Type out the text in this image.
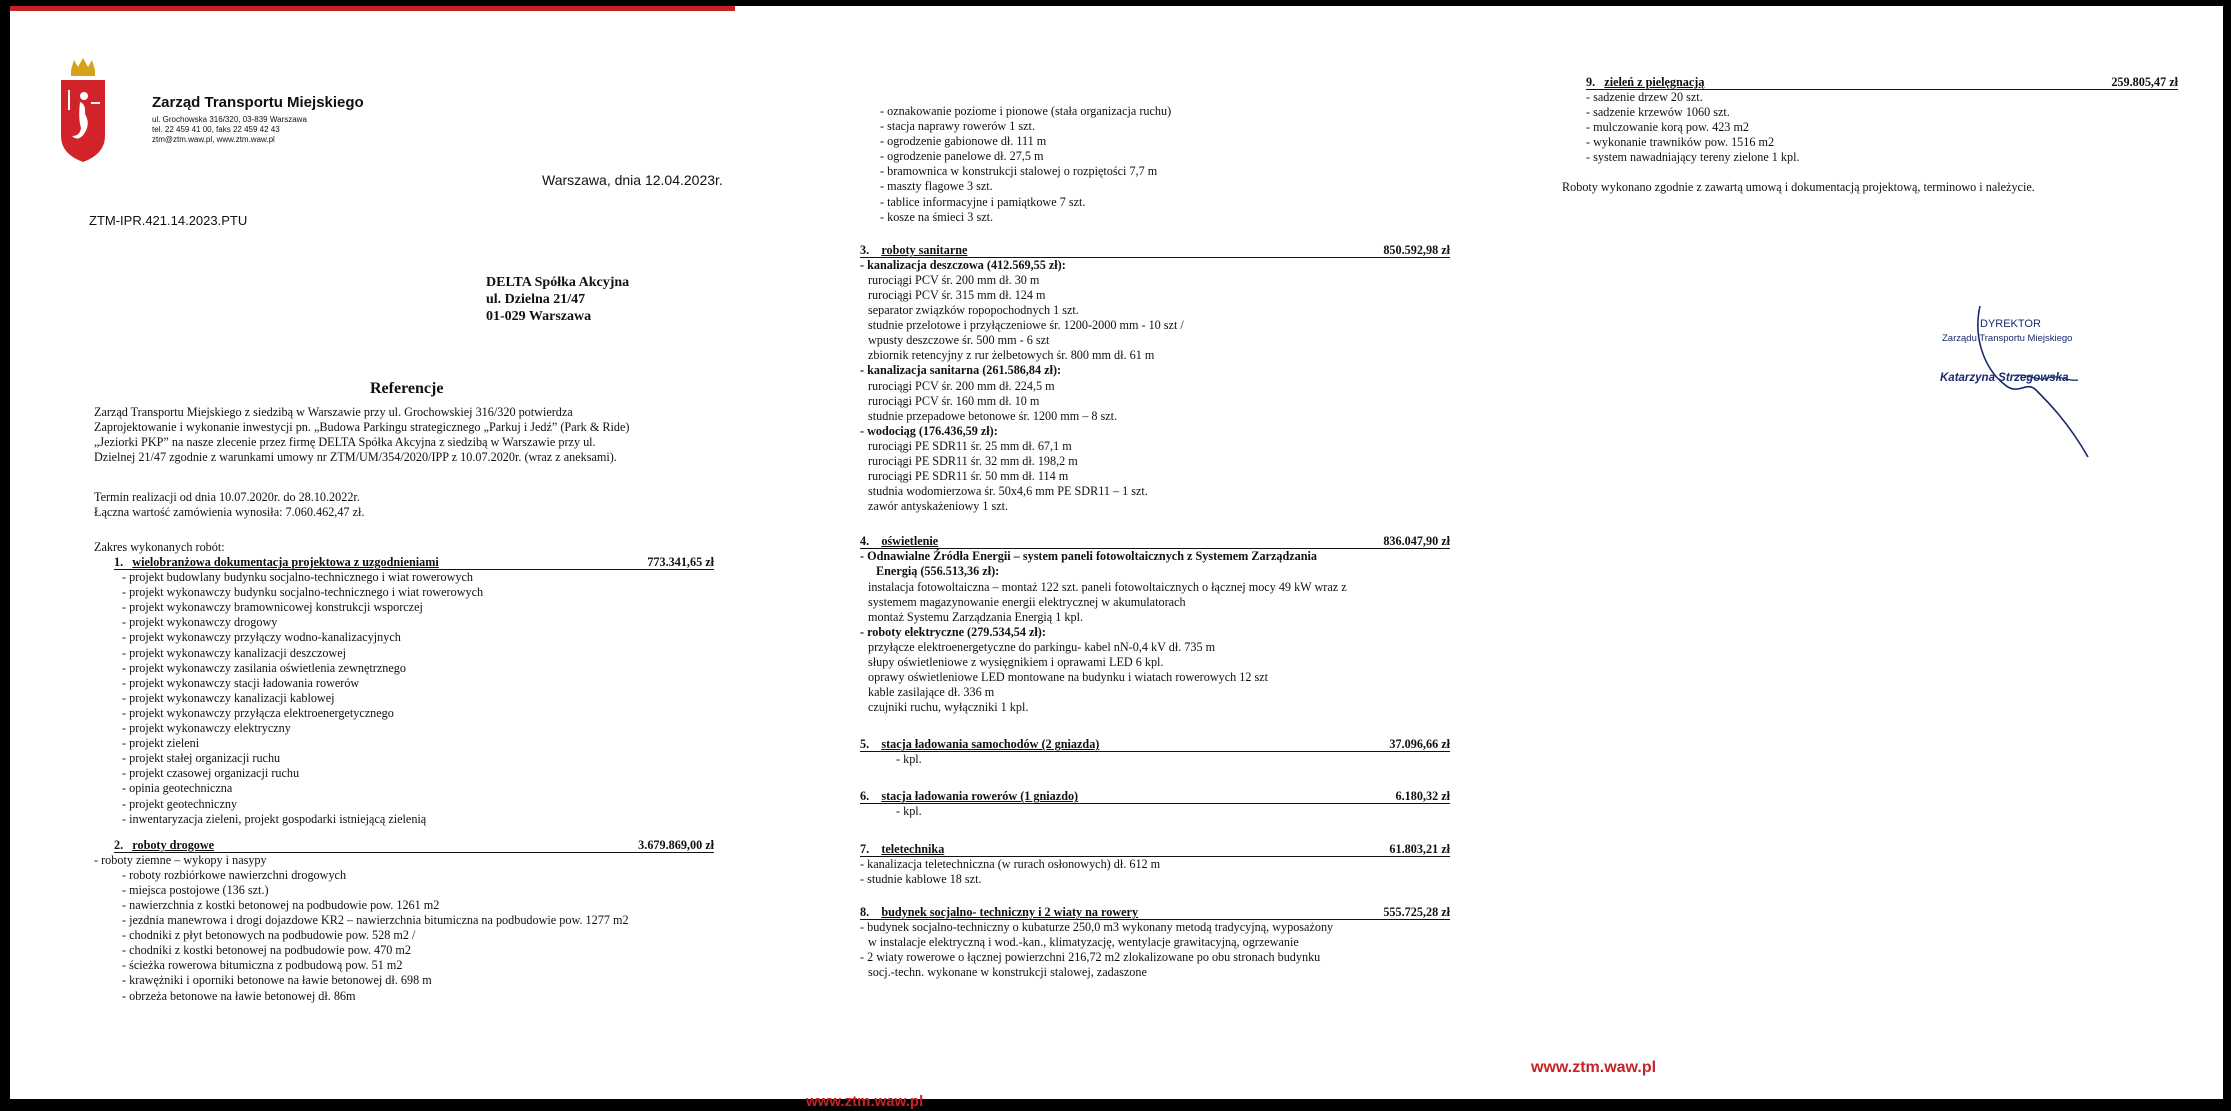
Zarząd Transportu Miejskiego
ul. Grochowska 316/320, 03-839 Warszawa
tel. 22 459 41 00, faks 22 459 42 43
ztm@ztm.waw.pl, www.ztm.waw.pl
Warszawa, dnia 12.04.2023r.
ZTM-IPR.421.14.2023.PTU
DELTA Spółka Akcyjna
ul. Dzielna 21/47
01-029 Warszawa
Referencje
Zarząd Transportu Miejskiego z siedzibą w Warszawie przy ul. Grochowskiej 316/320 potwierdza
Zaprojektowanie i wykonanie inwestycji pn. „Budowa Parkingu strategicznego „Parkuj i Jedź” (Park & Ride)
„Jeziorki PKP” na nasze zlecenie przez firmę DELTA Spółka Akcyjna z siedzibą w Warszawie przy ul.
Dzielnej 21/47 zgodnie z warunkami umowy nr ZTM/UM/354/2020/IPP z 10.07.2020r. (wraz z aneksami).
Termin realizacji od dnia 10.07.2020r. do 28.10.2022r.
Łączna wartość zamówienia wynosiła: 7.060.462,47 zł.
Zakres wykonanych robót:
1. wielobranżowa dokumentacja projektowa z uzgodnieniami	773.341,65 zł
- projekt budowlany budynku socjalno-technicznego i wiat rowerowych
- projekt wykonawczy budynku socjalno-technicznego i wiat rowerowych
- projekt wykonawczy bramownicowej konstrukcji wsporczej
- projekt wykonawczy drogowy
- projekt wykonawczy przyłączy wodno-kanalizacyjnych
- projekt wykonawczy kanalizacji deszczowej
- projekt wykonawczy zasilania oświetlenia zewnętrznego
- projekt wykonawczy stacji ładowania rowerów
- projekt wykonawczy kanalizacji kablowej
- projekt wykonawczy przyłącza elektroenergetycznego
- projekt wykonawczy elektryczny
- projekt zieleni
- projekt stałej organizacji ruchu
- projekt czasowej organizacji ruchu
- opinia geotechniczna
- projekt geotechniczny
- inwentaryzacja zieleni, projekt gospodarki istniejącą zielenią
2. roboty drogowe	3.679.869,00 zł
- roboty ziemne – wykopy i nasypy
- roboty rozbiórkowe nawierzchni drogowych
- miejsca postojowe (136 szt.)
- nawierzchnia z kostki betonowej na podbudowie pow. 1261 m2
- jezdnia manewrowa i drogi dojazdowe KR2 – nawierzchnia bitumiczna na podbudowie pow. 1277 m2
- chodniki z płyt betonowych na podbudowie pow. 528 m2 /
- chodniki z kostki betonowej na podbudowie pow. 470 m2
- ścieżka rowerowa bitumiczna z podbudową pow. 51 m2
- krawężniki i oporniki betonowe na ławie betonowej dł. 698 m
- obrzeża betonowe na ławie betonowej dł. 86m
- oznakowanie poziome i pionowe (stała organizacja ruchu)
- stacja naprawy rowerów 1 szt.
- ogrodzenie gabionowe dł. 111 m
- ogrodzenie panelowe dł. 27,5 m
- bramownica w konstrukcji stalowej o rozpiętości 7,7 m
- maszty flagowe 3 szt.
- tablice informacyjne i pamiątkowe 7 szt.
- kosze na śmieci 3 szt.
3. roboty sanitarne	850.592,98 zł
- kanalizacja deszczowa (412.569,55 zł):
rurociągi PCV śr. 200 mm dł. 30 m
rurociągi PCV śr. 315 mm dł. 124 m
separator związków ropopochodnych 1 szt.
studnie przelotowe i przyłączeniowe śr. 1200-2000 mm - 10 szt /
wpusty deszczowe śr. 500 mm - 6 szt
zbiornik retencyjny z rur żelbetowych śr. 800 mm dł. 61 m
- kanalizacja sanitarna (261.586,84 zł):
rurociągi PCV śr. 200 mm dł. 224,5 m
rurociągi PCV śr. 160 mm dł. 10 m
studnie przepadowe betonowe śr. 1200 mm – 8 szt.
- wodociąg (176.436,59 zł):
rurociągi PE SDR11 śr. 25 mm dł. 67,1 m
rurociągi PE SDR11 śr. 32 mm dł. 198,2 m
rurociągi PE SDR11 śr. 50 mm dł. 114 m
studnia wodomierzowa śr. 50x4,6 mm PE SDR11 – 1 szt.
zawór antyskażeniowy 1 szt.
4. oświetlenie	836.047,90 zł
- Odnawialne Źródła Energii – system paneli fotowoltaicznych z Systemem Zarządzania
Energią (556.513,36 zł):
instalacja fotowoltaiczna – montaż 122 szt. paneli fotowoltaicznych o łącznej mocy 49 kW wraz z
systemem magazynowanie energii elektrycznej w akumulatorach
montaż Systemu Zarządzania Energią 1 kpl.
- roboty elektryczne (279.534,54 zł):
przyłącze elektroenergetyczne do parkingu- kabel nN-0,4 kV dł. 735 m
słupy oświetleniowe z wysięgnikiem i oprawami LED 6 kpl.
oprawy oświetleniowe LED montowane na budynku i wiatach rowerowych 12 szt
kable zasilające dł. 336 m
czujniki ruchu, wyłączniki 1 kpl.
5. stacja ładowania samochodów (2 gniazda)	37.096,66 zł
- kpl.
6. stacja ładowania rowerów (1 gniazdo)	6.180,32 zł
- kpl.
7. teletechnika	61.803,21 zł
- kanalizacja teletechniczna (w rurach osłonowych) dł. 612 m
- studnie kablowe 18 szt.
8. budynek socjalno- techniczny i 2 wiaty na rowery	555.725,28 zł
- budynek socjalno-techniczny o kubaturze 250,0 m3 wykonany metodą tradycyjną, wyposażony
w instalacje elektryczną i wod.-kan., klimatyzację, wentylacje grawitacyjną, ogrzewanie
- 2 wiaty rowerowe o łącznej powierzchni 216,72 m2 zlokalizowane po obu stronach budynku
socj.-techn. wykonane w konstrukcji stalowej, zadaszone
www.ztm.waw.pl
9. zieleń z pielęgnacją	259.805,47 zł
- sadzenie drzew 20 szt.
- sadzenie krzewów 1060 szt.
- mulczowanie korą pow. 423 m2
- wykonanie trawników pow. 1516 m2
- system nawadniający tereny zielone 1 kpl.
Roboty wykonano zgodnie z zawartą umową i dokumentacją projektową, terminowo i należycie.
DYREKTOR
Zarządu Transportu Miejskiego
Katarzyna Strzegowska
www.ztm.waw.pl
